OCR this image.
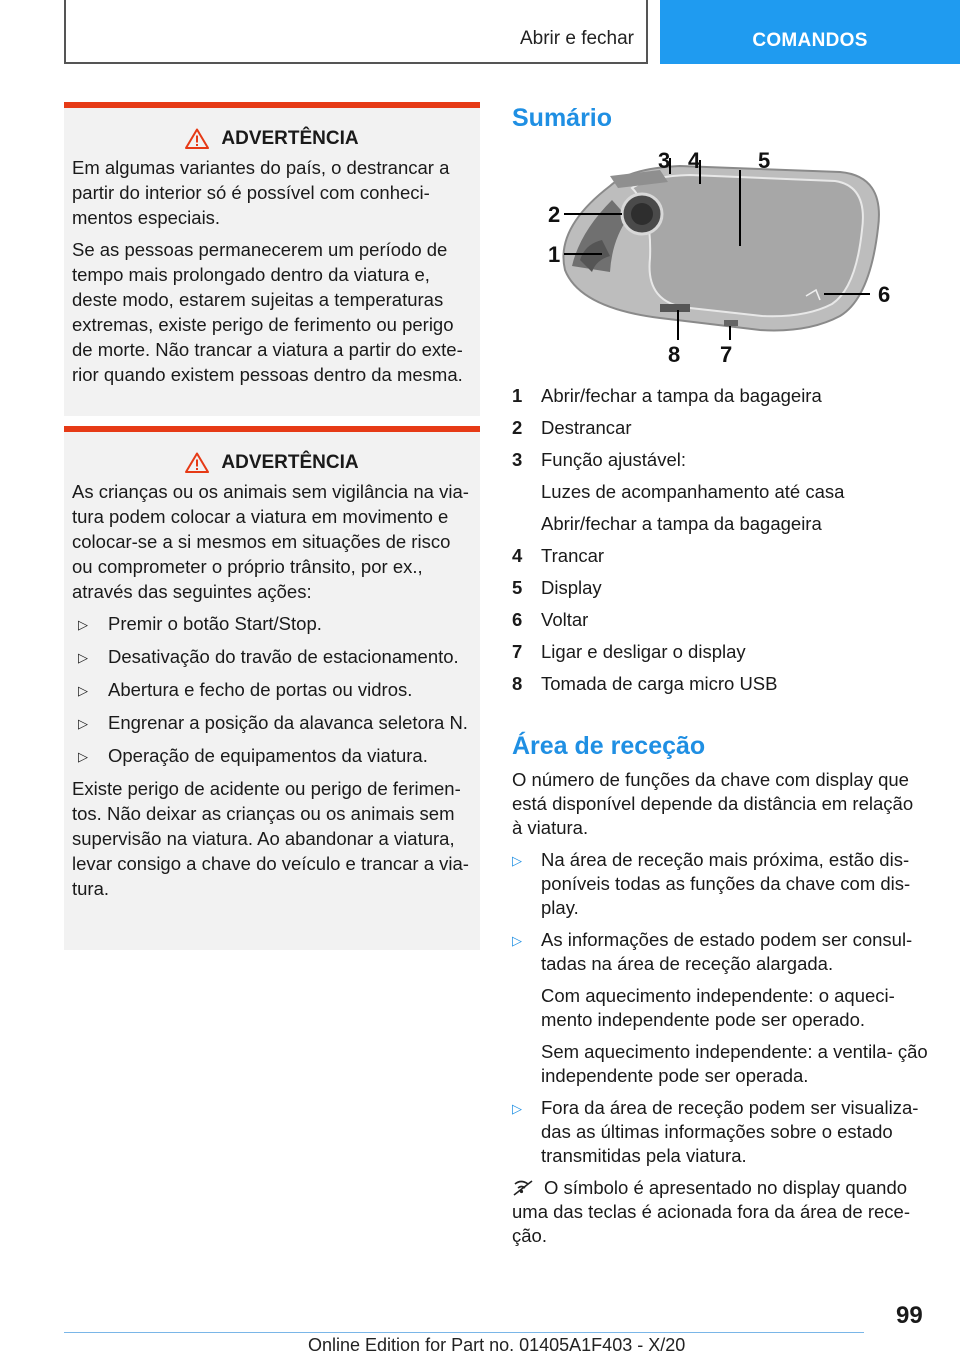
Abrir e fechar	COMANDOS
ADVERTÊNCIA

Em algumas variantes do país, o destrancar a partir do interior só é possível com conheci- mentos especiais.

Se as pessoas permanecerem um período de tempo mais prolongado dentro da viatura e, deste modo, estarem sujeitas a temperaturas extremas, existe perigo de ferimento ou perigo de morte. Não trancar a viatura a partir do exte- rior quando existem pessoas dentro da mesma.

ADVERTÊNCIA

As crianças ou os animais sem vigilância na via- tura podem colocar a viatura em movimento e colocar-se a si mesmos em situações de risco ou comprometer o próprio trânsito, por ex., através das seguintes ações:

▷	Premir o botão Start/Stop.
▷	Desativação do travão de estacionamento.
▷	Abertura e fecho de portas ou vidros.
▷	Engrenar a posição da alavanca seletora N.
▷	Operação de equipamentos da viatura.

Existe perigo de acidente ou perigo de ferimen- tos. Não deixar as crianças ou os animais sem supervisão na viatura. Ao abandonar a viatura, levar consigo a chave do veículo e trancar a via- tura.

Sumário
3 4	5
2
1
6
8 7
1	Abrir/fechar a tampa da bagageira
2	Destrancar
3	Função ajustável:
Luzes de acompanhamento até casa
Abrir/fechar a tampa da bagageira
4	Trancar
5	Display
6	Voltar
7	Ligar e desligar o display
8	Tomada de carga micro USB
Área de receção

O número de funções da chave com display que está disponível depende da distância em relação à viatura.

▷	Na área de receção mais próxima, estão dis- poníveis todas as funções da chave com dis- play.
▷	As informações de estado podem ser consul- tadas na área de receção alargada.
Com aquecimento independente: o aqueci- mento independente pode ser operado.
Sem aquecimento independente: a ventila- ção independente pode ser operada.
▷	Fora da área de receção podem ser visualiza- das as últimas informações sobre o estado transmitidas pela viatura.

O símbolo é apresentado no display quando uma das teclas é acionada fora da área de rece- ção.

99
Online Edition for Part no. 01405A1F403 - X/20
